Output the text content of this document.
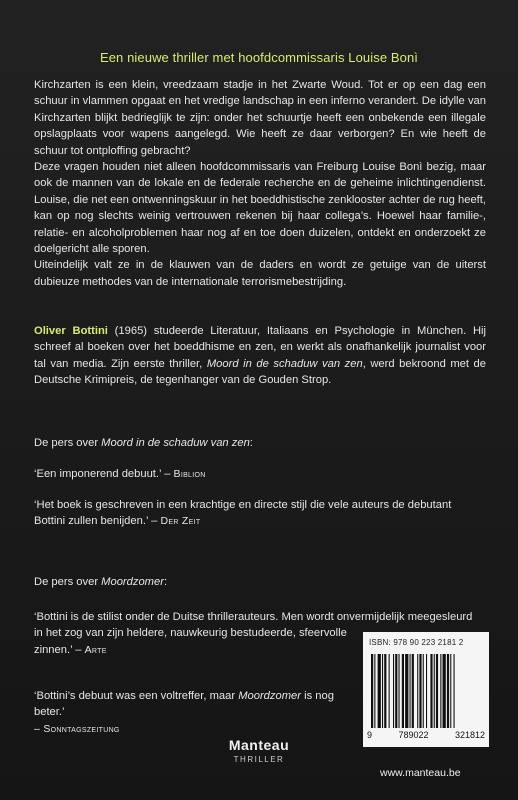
Een nieuwe thriller met hoofdcommissaris Louise Bonì

Kirchzarten is een klein, vreedzaam stadje in het Zwarte Woud. Tot er op een dag een schuur in vlammen opgaat en het vredige landschap in een inferno verandert. De idylle van Kirchzarten blijkt bedrieglijk te zijn: onder het schuurtje heeft een onbekende een illegale opslagplaats voor wapens aangelegd. Wie heeft ze daar verborgen? En wie heeft de schuur tot ontploffing gebracht?

Deze vragen houden niet alleen hoofdcommissaris van Freiburg Louise Bonì bezig, maar ook de mannen van de lokale en de federale recherche en de geheime inlichtingendienst. Louise, die net een ontwenningskuur in het boeddhistische zenklooster achter de rug heeft, kan op nog slechts weinig vertrouwen rekenen bij haar collega’s. Hoewel haar familie-, relatie- en alcoholproblemen haar nog af en toe doen duizelen, ontdekt en onderzoekt ze doelgericht alle sporen.

Uiteindelijk valt ze in de klauwen van de daders en wordt ze getuige van de uiterst dubieuze methodes van de internationale terrorismebestrijding.

Oliver Bottini (1965) studeerde Literatuur, Italiaans en Psychologie in München. Hij schreef al boeken over het boeddhisme en zen, en werkt als onafhankelijk journalist voor tal van media. Zijn eerste thriller, Moord in de schaduw van zen, werd bekroond met de Deutsche Krimipreis, de tegenhanger van de Gouden Strop.

De pers over Moord in de schaduw van zen:
‘Een imponerend debuut.’ – Biblion
‘Het boek is geschreven in een krachtige en directe stijl die vele auteurs de debutant Bottini zullen benijden.’ – Der Zeit
De pers over Moordzomer:
‘Bottini is de stilist onder de Duitse thrillerauteurs. Men wordt onvermijdelijk meegesleurd
in het zog van zijn heldere, nauwkeurig bestudeerde, sfeervolle
zinnen.’ – Arte
‘Bottini’s debuut was een voltreffer, maar Moordzomer is nog beter.’
– Sonntagszeitung
ISBN: 978 90 223 2181 2
9	789022	321812
Manteau
THRILLER
www.manteau.be
